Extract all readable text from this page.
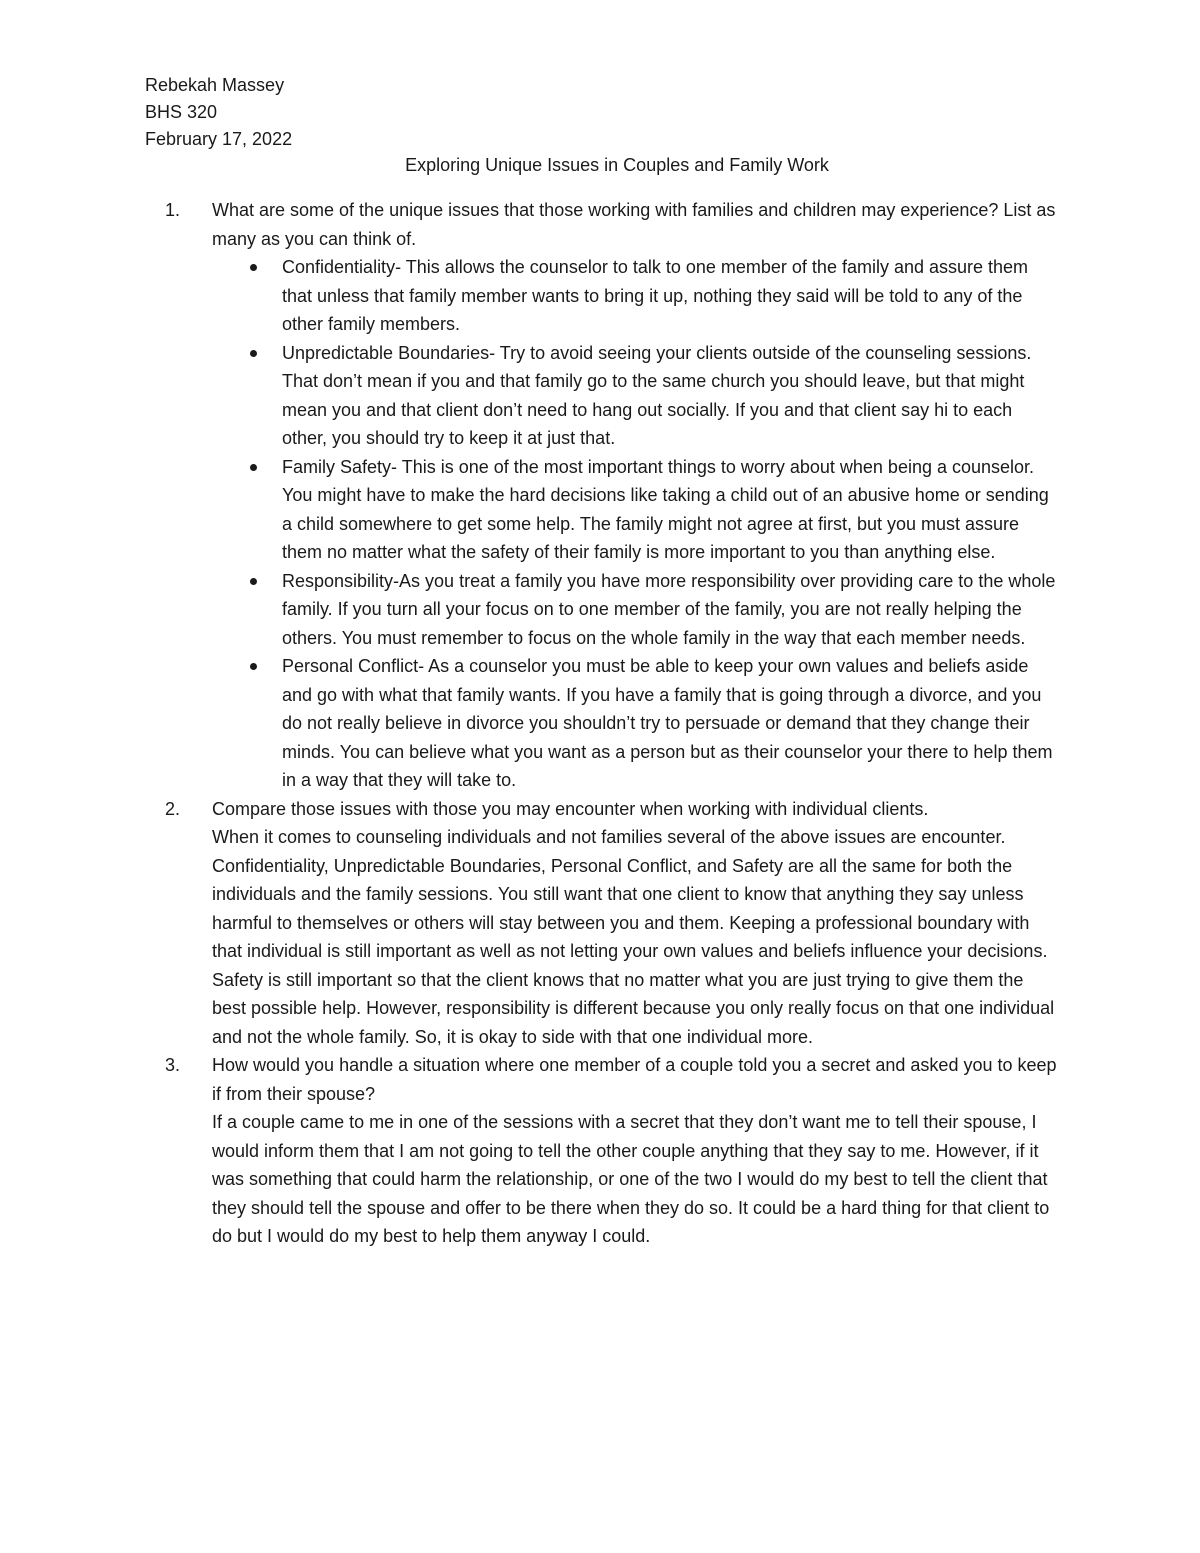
Rebekah Massey
BHS 320
February 17, 2022
Exploring Unique Issues in Couples and Family Work
1. What are some of the unique issues that those working with families and children may experience? List as many as you can think of.
Confidentiality- This allows the counselor to talk to one member of the family and assure them that unless that family member wants to bring it up, nothing they said will be told to any of the other family members.
Unpredictable Boundaries- Try to avoid seeing your clients outside of the counseling sessions. That don’t mean if you and that family go to the same church you should leave, but that might mean you and that client don’t need to hang out socially. If you and that client say hi to each other, you should try to keep it at just that.
Family Safety- This is one of the most important things to worry about when being a counselor. You might have to make the hard decisions like taking a child out of an abusive home or sending a child somewhere to get some help. The family might not agree at first, but you must assure them no matter what the safety of their family is more important to you than anything else.
Responsibility-As you treat a family you have more responsibility over providing care to the whole family. If you turn all your focus on to one member of the family, you are not really helping the others. You must remember to focus on the whole family in the way that each member needs.
Personal Conflict- As a counselor you must be able to keep your own values and beliefs aside and go with what that family wants. If you have a family that is going through a divorce, and you do not really believe in divorce you shouldn’t try to persuade or demand that they change their minds. You can believe what you want as a person but as their counselor your there to help them in a way that they will take to.
2. Compare those issues with those you may encounter when working with individual clients.
When it comes to counseling individuals and not families several of the above issues are encounter. Confidentiality, Unpredictable Boundaries, Personal Conflict, and Safety are all the same for both the individuals and the family sessions. You still want that one client to know that anything they say unless harmful to themselves or others will stay between you and them. Keeping a professional boundary with that individual is still important as well as not letting your own values and beliefs influence your decisions. Safety is still important so that the client knows that no matter what you are just trying to give them the best possible help. However, responsibility is different because you only really focus on that one individual and not the whole family. So, it is okay to side with that one individual more.
3. How would you handle a situation where one member of a couple told you a secret and asked you to keep if from their spouse?
If a couple came to me in one of the sessions with a secret that they don’t want me to tell their spouse, I would inform them that I am not going to tell the other couple anything that they say to me. However, if it was something that could harm the relationship, or one of the two I would do my best to tell the client that they should tell the spouse and offer to be there when they do so. It could be a hard thing for that client to do but I would do my best to help them anyway I could.
